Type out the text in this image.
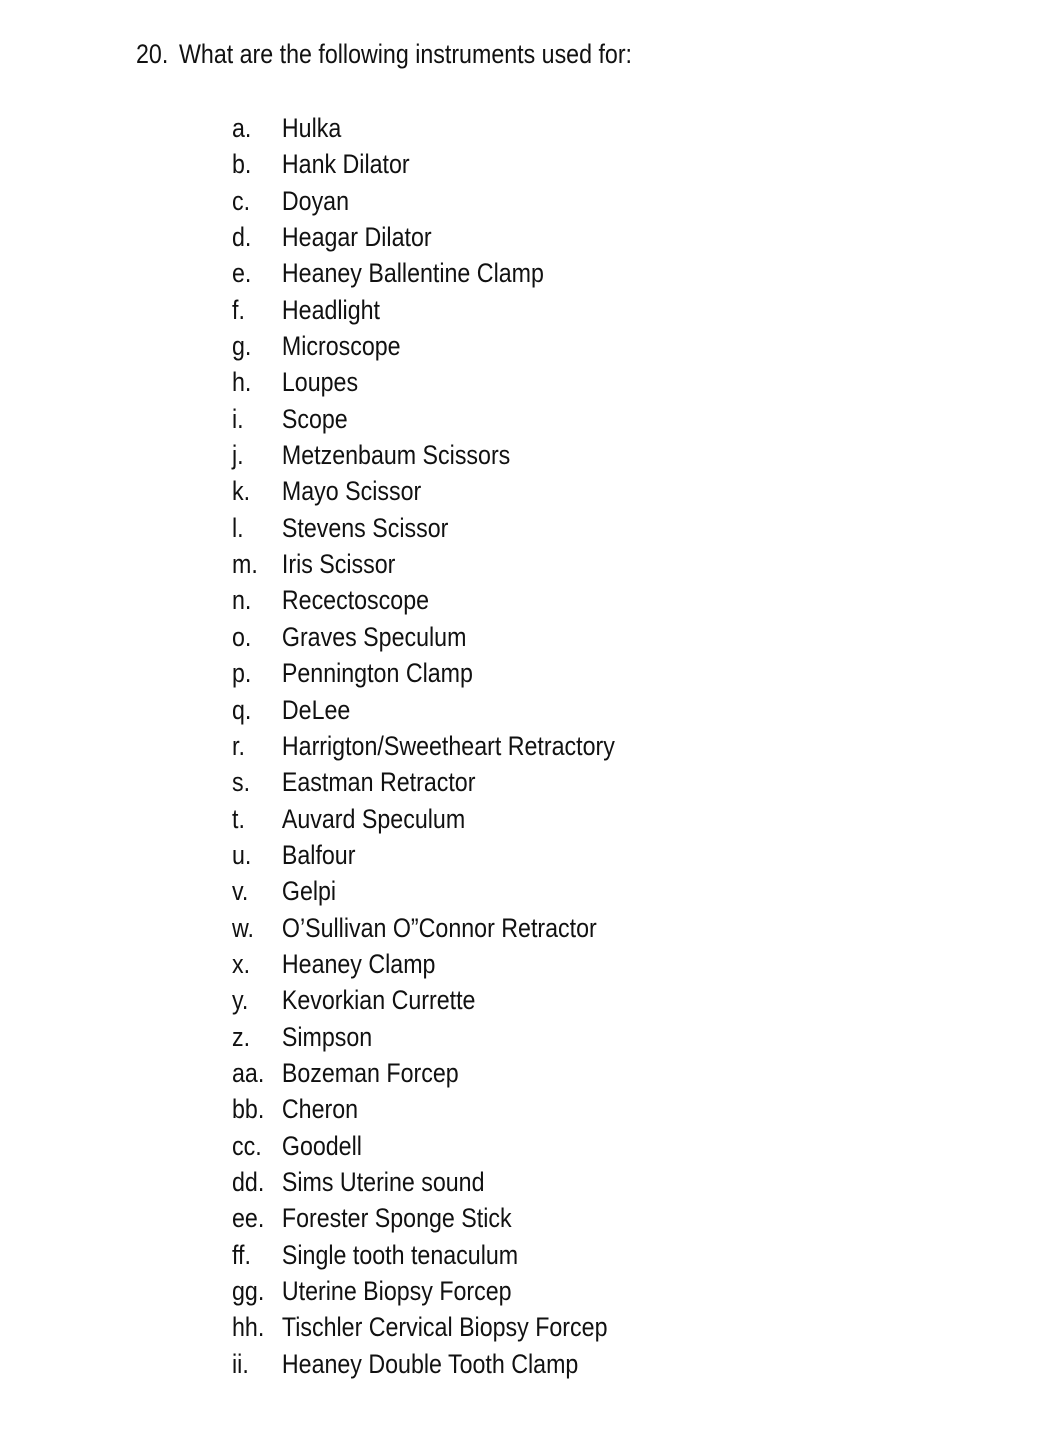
20. What are the following instruments used for:
a. Hulka
b. Hank Dilator
c. Doyan
d. Heagar Dilator
e. Heaney Ballentine Clamp
f. Headlight
g. Microscope
h. Loupes
i. Scope
j. Metzenbaum Scissors
k. Mayo Scissor
l. Stevens Scissor
m. Iris Scissor
n. Recectoscope
o. Graves Speculum
p. Pennington Clamp
q. DeLee
r. Harrigton/Sweetheart Retractory
s. Eastman Retractor
t. Auvard Speculum
u. Balfour
v. Gelpi
w. O’Sullivan O”Connor Retractor
x. Heaney Clamp
y. Kevorkian Currette
z. Simpson
aa. Bozeman Forcep
bb. Cheron
cc. Goodell
dd. Sims Uterine sound
ee. Forester Sponge Stick
ff. Single tooth tenaculum
gg. Uterine Biopsy Forcep
hh. Tischler Cervical Biopsy Forcep
ii. Heaney Double Tooth Clamp
